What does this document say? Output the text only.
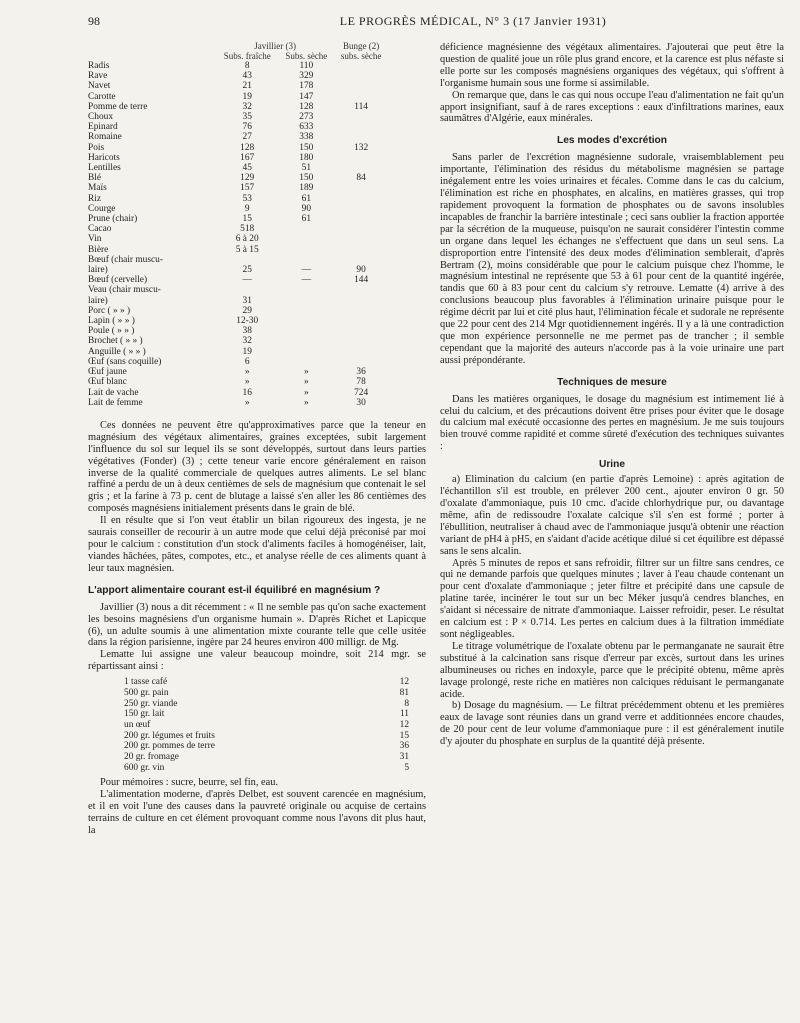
98	LE PROGRÈS MÉDICAL, N° 3 (17 Janvier 1931)
	Javillier (3)		Bunge (2)
	Subs. fraîche	Subs. sèche	subs. sèche
Radis	8	110	
Rave	43	329	
Navet	21	178	
Carotte	19	147	
Pomme de terre	32	128	114
Choux	35	273	
Epinard	76	633	
Romaine	27	338	
Pois	128	150	132
Haricots	167	180	
Lentilles	45	51	
Blé	129	150	84
Maïs	157	189	
Riz	53	61	
Courge	9	90	
Prune (chair)	15	61	
Cacao	518		
Vin	6 à 20		
Bière	5 à 15		
Bœuf (chair muscu-			
laire)	25	—	90
Bœuf (cervelle)	—	—	144
Veau (chair muscu-			
laire)	31		
Porc ( » » )	29		
Lapin ( » » )	12-30		
Poule ( » » )	38		
Brochet ( » » )	32		
Anguille ( » » )	19		
Œuf (sans coquille)	6		
Œuf jaune	»	»	36
Œuf blanc	»	»	78
Lait de vache	16	»	724
Lait de femme	»	»	30

Ces données ne peuvent être qu'approximatives parce que la teneur en magnésium des végétaux alimentaires, graines exceptées, subit largement l'influence du sol sur lequel ils se sont développés, surtout dans leurs parties végétatives (Fonder) (3) ; cette teneur varie encore généralement en raison inverse de la qualité commerciale de quelques autres aliments. Le sel blanc raffiné a perdu de un à deux centièmes de sels de magnésium que contenait le sel gris ; et la farine à 73 p. cent de blutage a laissé s'en aller les 86 centièmes des composés magnésiens initialement présents dans le grain de blé.

Il en résulte que si l'on veut établir un bilan rigoureux des ingesta, je ne saurais conseiller de recourir à un autre mode que celui déjà préconisé par moi pour le calcium : constitution d'un stock d'aliments faciles à homogénéiser, lait, viandes hâchées, pâtes, compotes, etc., et analyse réelle de ces aliments quant à leur taux magnésien.

L'apport alimentaire courant est-il équilibré en magnésium ?

Javillier (3) nous a dit récemment : « Il ne semble pas qu'on sache exactement les besoins magnésiens d'un organisme humain ». D'après Richet et Lapicque (6), un adulte soumis à une alimentation mixte courante telle que celle usitée dans la région parisienne, ingère par 24 heures environ 400 milligr. de Mg.

Lematte lui assigne une valeur beaucoup moindre, soit 214 mgr. se répartissant ainsi :

1 tasse café	12
500 gr. pain	81
250 gr. viande	8
150 gr. lait	11
un œuf	12
200 gr. légumes et fruits	15
200 gr. pommes de terre	36
20 gr. fromage	31
600 gr. vin	5

Pour mémoires : sucre, beurre, sel fin, eau.

L'alimentation moderne, d'après Delbet, est souvent carencée en magnésium, et il en voit l'une des causes dans la pauvreté originale ou acquise de certains terrains de culture en cet élément provoquant comme nous l'avons dit plus haut, la

déficience magnésienne des végétaux alimentaires. J'ajouterai que peut être la question de qualité joue un rôle plus grand encore, et la carence est plus néfaste si elle porte sur les composés magnésiens organiques des végétaux, qui s'offrent à l'organisme humain sous une forme si assimilable.

On remarque que, dans le cas qui nous occupe l'eau d'alimentation ne fait qu'un apport insignifiant, sauf à de rares exceptions : eaux d'infiltrations marines, eaux saumâtres d'Algérie, eaux minérales.

Les modes d'excrétion

Sans parler de l'excrétion magnésienne sudorale, vraisemblablement peu importante, l'élimination des résidus du métabolisme magnésien se partage inégalement entre les voies urinaires et fécales. Comme dans le cas du calcium, l'élimination est riche en phosphates, en alcalins, en matières grasses, qui trop rapidement provoquent la formation de phosphates ou de savons insolubles incapables de franchir la barrière intestinale ; ceci sans oublier la fraction apportée par la sécrétion de la muqueuse, puisqu'on ne saurait considérer l'intestin comme un organe dans lequel les échanges ne s'effectuent que dans un seul sens. La disproportion entre l'intensité des deux modes d'élimination semblerait, d'après Bertram (2), moins considérable que pour le calcium puisque chez l'homme, le magnésium intestinal ne représente que 53 à 61 pour cent de la quantité ingérée, tandis que 60 à 83 pour cent du calcium s'y retrouve. Lematte (4) arrive à des conclusions beaucoup plus favorables à l'élimination urinaire puisque pour le régime décrit par lui et cité plus haut, l'élimination fécale et sudorale ne représente que 22 pour cent des 214 Mgr quotidiennement ingérés. Il y a là une contradiction que mon expérience personnelle ne me permet pas de trancher ; il semble cependant que la majorité des auteurs n'accorde pas à la voie urinaire une part aussi prépondérante.

Techniques de mesure

Dans les matières organiques, le dosage du magnésium est intimement lié à celui du calcium, et des précautions doivent être prises pour éviter que le dosage du calcium mal exécuté occasionne des pertes en magnésium. Je me suis toujours bien trouvé comme rapidité et comme sûreté d'exécution des techniques suivantes :

Urine

a) Elimination du calcium (en partie d'après Lemoine) : après agitation de l'échantillon s'il est trouble, en prélever 200 cent., ajouter environ 0 gr. 50 d'oxalate d'ammoniaque, puis 10 cmc. d'acide chlorhydrique pur, ou davantage même, afin de redissoudre l'oxalate calcique s'il s'en est formé ; porter à l'ébullition, neutraliser à chaud avec de l'ammoniaque jusqu'à obtenir une réaction variant de pH4 à pH5, en s'aidant d'acide acétique dilué si cet équilibre est dépassé sans le sens alcalin.

Après 5 minutes de repos et sans refroidir, filtrer sur un filtre sans cendres, ce qui ne demande parfois que quelques minutes ; laver à l'eau chaude contenant un pour cent d'oxalate d'ammoniaque ; jeter filtre et précipité dans une capsule de platine tarée, incinérer le tout sur un bec Méker jusqu'à cendres blanches, en s'aidant si nécessaire de nitrate d'ammoniaque. Laisser refroidir, peser. Le résultat en calcium est : P × 0.714. Les pertes en calcium dues à la filtration immédiate sont négligeables.

Le titrage volumétrique de l'oxalate obtenu par le permanganate ne saurait être substitué à la calcination sans risque d'erreur par excès, surtout dans les urines albumineuses ou riches en indoxyle, parce que le précipité obtenu, même après lavage prolongé, reste riche en matières non calciques réduisant le permanganate acide.

b) Dosage du magnésium. — Le filtrat précédemment obtenu et les premières eaux de lavage sont réunies dans un grand verre et additionnées encore chaudes, de 20 pour cent de leur volume d'ammoniaque pure : il est généralement inutile d'y ajouter du phosphate en surplus de la quantité déjà présente.
